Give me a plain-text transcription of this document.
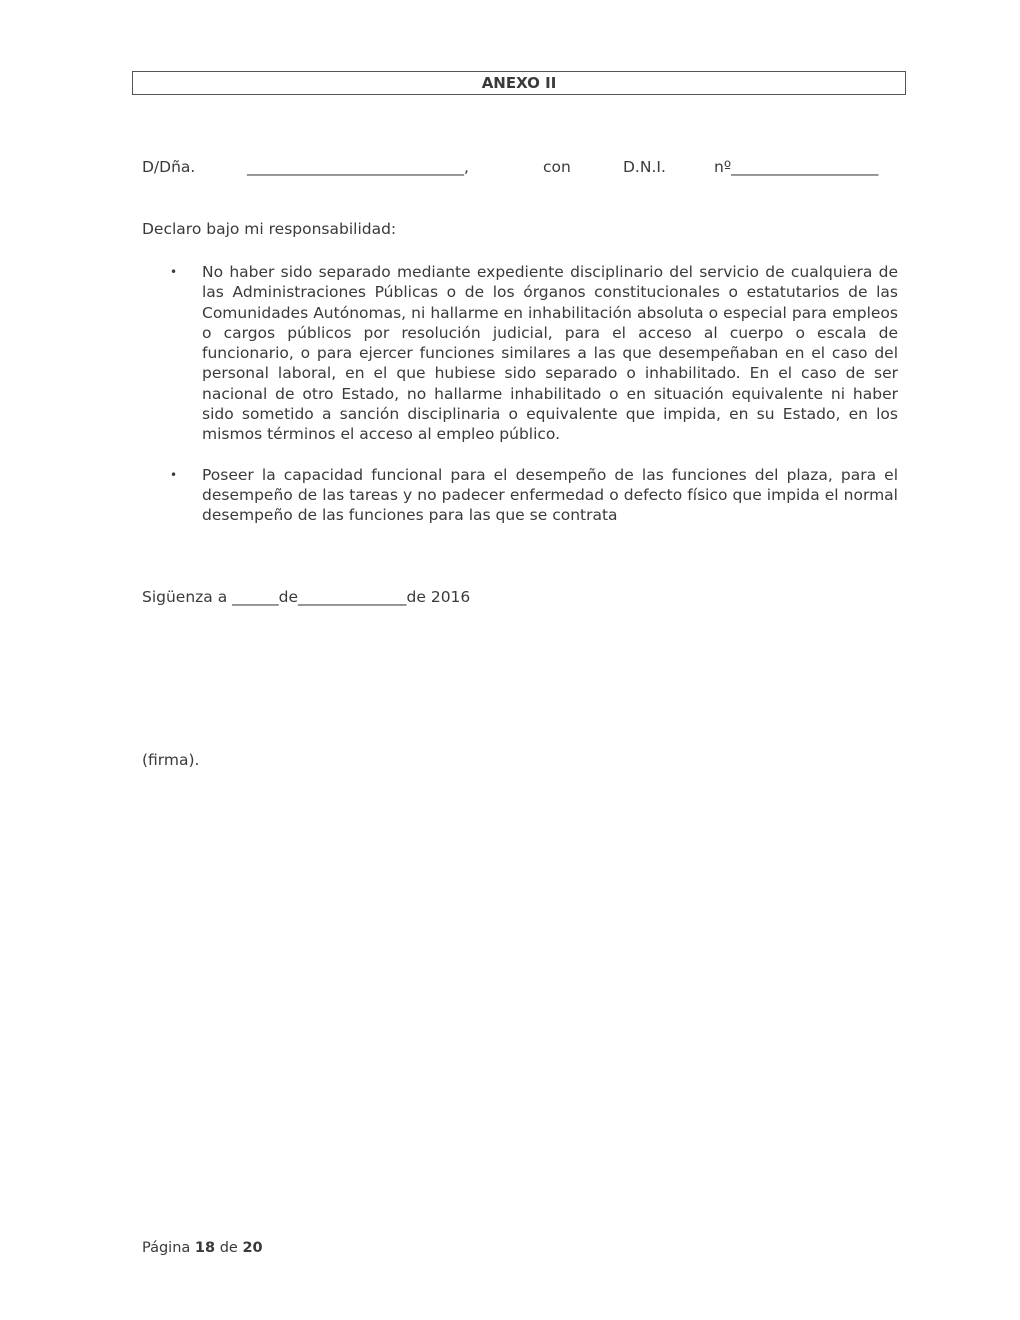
ANEXO II
D/Dña.	____________________________,	con	D.N.I.	nº___________________
Declaro bajo mi responsabilidad:
• No haber sido separado mediante expediente disciplinario del servicio de cualquiera de las Administraciones Públicas o de los órganos constitucionales o estatutarios de las Comunidades Autónomas, ni hallarme en inhabilitación absoluta o especial para empleos o cargos públicos por resolución judicial, para el acceso al cuerpo o escala de funcionario, o para ejercer funciones similares a las que desempeñaban en el caso del personal laboral, en el que hubiese sido separado o inhabilitado. En el caso de ser nacional de otro Estado, no hallarme inhabilitado o en situación equivalente ni haber sido sometido a sanción disciplinaria o equivalente que impida, en su Estado, en los mismos términos el acceso al empleo público.
• Poseer la capacidad funcional para el desempeño de las funciones del plaza, para el desempeño de las tareas y no padecer enfermedad o defecto físico que impida el normal desempeño de las funciones para las que se contrata
Sigüenza a ______de______________de 2016
(firma).
Página 18 de 20
